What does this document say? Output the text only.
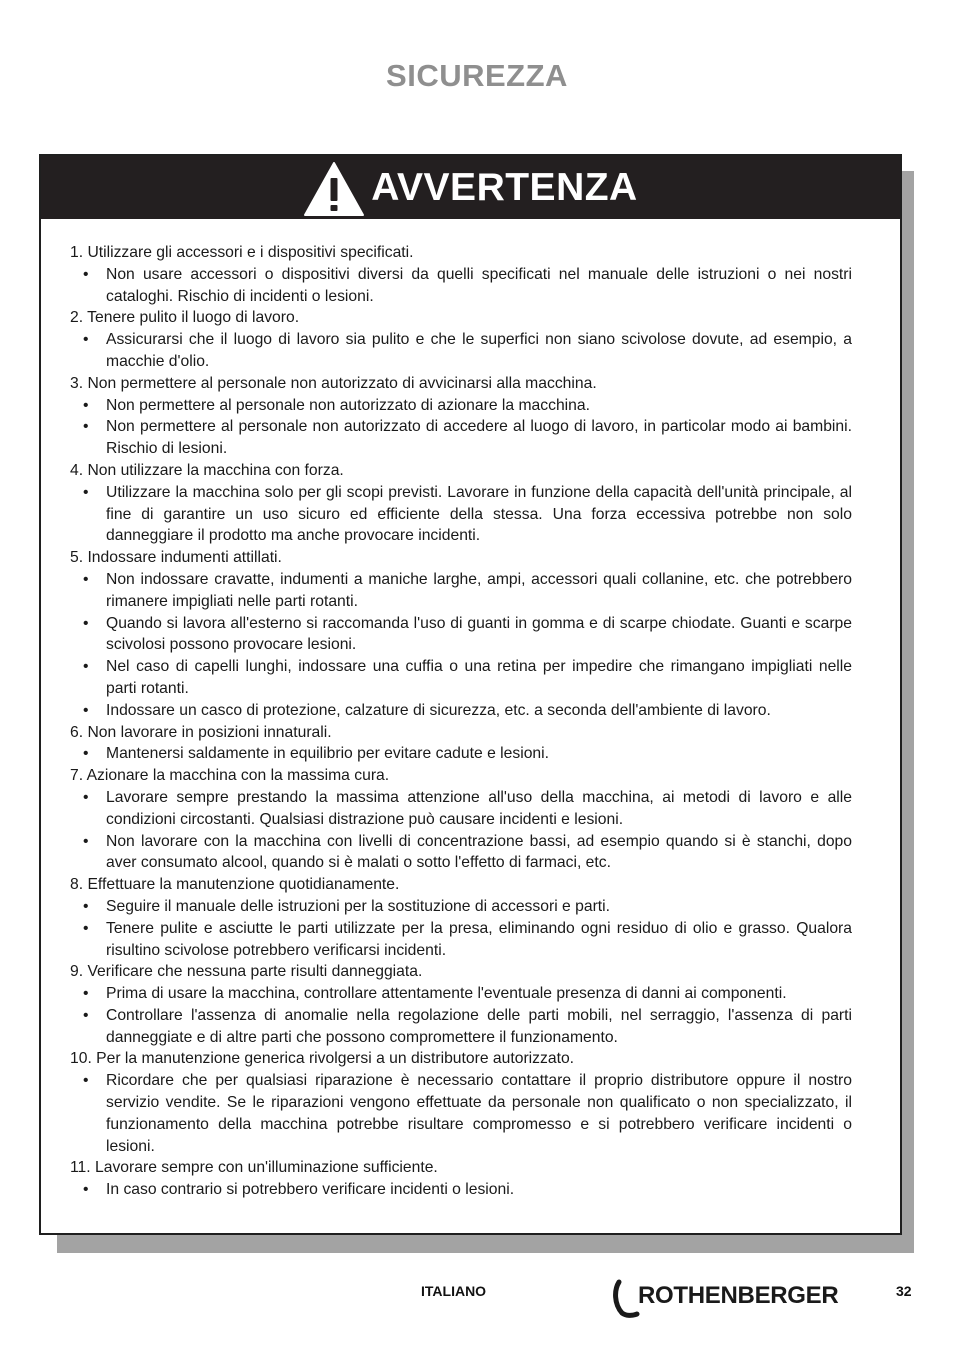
SICUREZZA
AVVERTENZA

1. Utilizzare gli accessori e i dispositivi specificati.

• Non usare accessori o dispositivi diversi da quelli specificati nel manuale delle istruzioni o nei nostri cataloghi. Rischio di incidenti o lesioni.

2. Tenere pulito il luogo di lavoro.

• Assicurarsi che il luogo di lavoro sia pulito e che le superfici non siano scivolose dovute, ad esempio, a macchie d'olio.

3. Non permettere al personale non autorizzato di avvicinarsi alla macchina.

• Non permettere al personale non autorizzato di azionare la macchina.

• Non permettere al personale non autorizzato di accedere al luogo di lavoro, in particolar modo ai bambini. Rischio di lesioni.

4. Non utilizzare la macchina con forza.

• Utilizzare la macchina solo per gli scopi previsti. Lavorare in funzione della capacità dell'unità principale, al fine di garantire un uso sicuro ed efficiente della stessa. Una forza eccessiva potrebbe non solo danneggiare il prodotto ma anche provocare incidenti.

5. Indossare indumenti attillati.

• Non indossare cravatte, indumenti a maniche larghe, ampi, accessori quali collanine, etc. che potrebbero rimanere impigliati nelle parti rotanti.

• Quando si lavora all'esterno si raccomanda l'uso di guanti in gomma e di scarpe chiodate. Guanti e scarpe scivolosi possono provocare lesioni.

• Nel caso di capelli lunghi, indossare una cuffia o una retina per impedire che rimangano impigliati nelle parti rotanti.

• Indossare un casco di protezione, calzature di sicurezza, etc. a seconda dell'ambiente di lavoro.

6. Non lavorare in posizioni innaturali.

• Mantenersi saldamente in equilibrio per evitare cadute e lesioni.

7. Azionare la macchina con la massima cura.

• Lavorare sempre prestando la massima attenzione all'uso della macchina, ai metodi di lavoro e alle condizioni circostanti. Qualsiasi distrazione può causare incidenti e lesioni.

• Non lavorare con la macchina con livelli di concentrazione bassi, ad esempio quando si è stanchi, dopo aver consumato alcool, quando si è malati o sotto l'effetto di farmaci, etc.

8. Effettuare la manutenzione quotidianamente.

• Seguire il manuale delle istruzioni per la sostituzione di accessori e parti.

• Tenere pulite e asciutte le parti utilizzate per la presa, eliminando ogni residuo di olio e grasso. Qualora risultino scivolose potrebbero verificarsi incidenti.

9. Verificare che nessuna parte risulti danneggiata.

• Prima di usare la macchina, controllare attentamente l'eventuale presenza di danni ai componenti.

• Controllare l'assenza di anomalie nella regolazione delle parti mobili, nel serraggio, l'assenza di parti danneggiate e di altre parti che possono compromettere il funzionamento.

10. Per la manutenzione generica rivolgersi a un distributore autorizzato.

• Ricordare che per qualsiasi riparazione è necessario contattare il proprio distributore oppure il nostro servizio vendite. Se le riparazioni vengono effettuate da personale non qualificato o non specializzato, il funzionamento della macchina potrebbe risultare compromesso e si potrebbero verificare incidenti o lesioni.

11. Lavorare sempre con un'illuminazione sufficiente.

• In caso contrario si potrebbero verificare incidenti o lesioni.

ITALIANO	ROTHENBERGER	32
